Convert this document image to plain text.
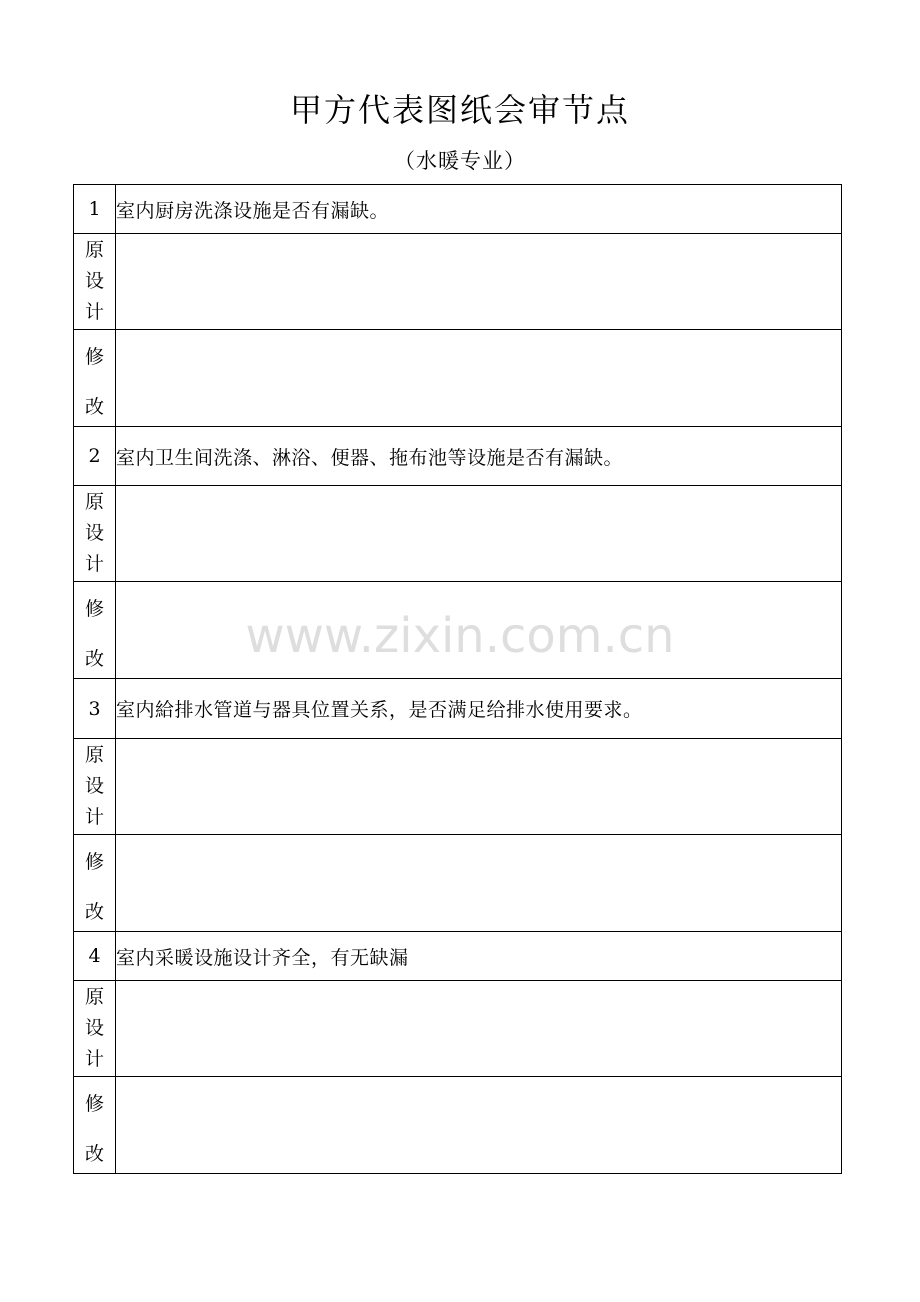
甲方代表图纸会审节点
（水暖专业）
1	室内厨房洗涤设施是否有漏缺。

原
设
计	

修
改	

2	室内卫生间洗涤、淋浴、便器、拖布池等设施是否有漏缺。

原
设
计	

修
改	

3	室内給排水管道与器具位置关系，是否满足给排水使用要求。

原
设
计	

修
改	

4	室内采暖设施设计齐全，有无缺漏

原
设
计	

修
改	

www.zixin.com.cn
